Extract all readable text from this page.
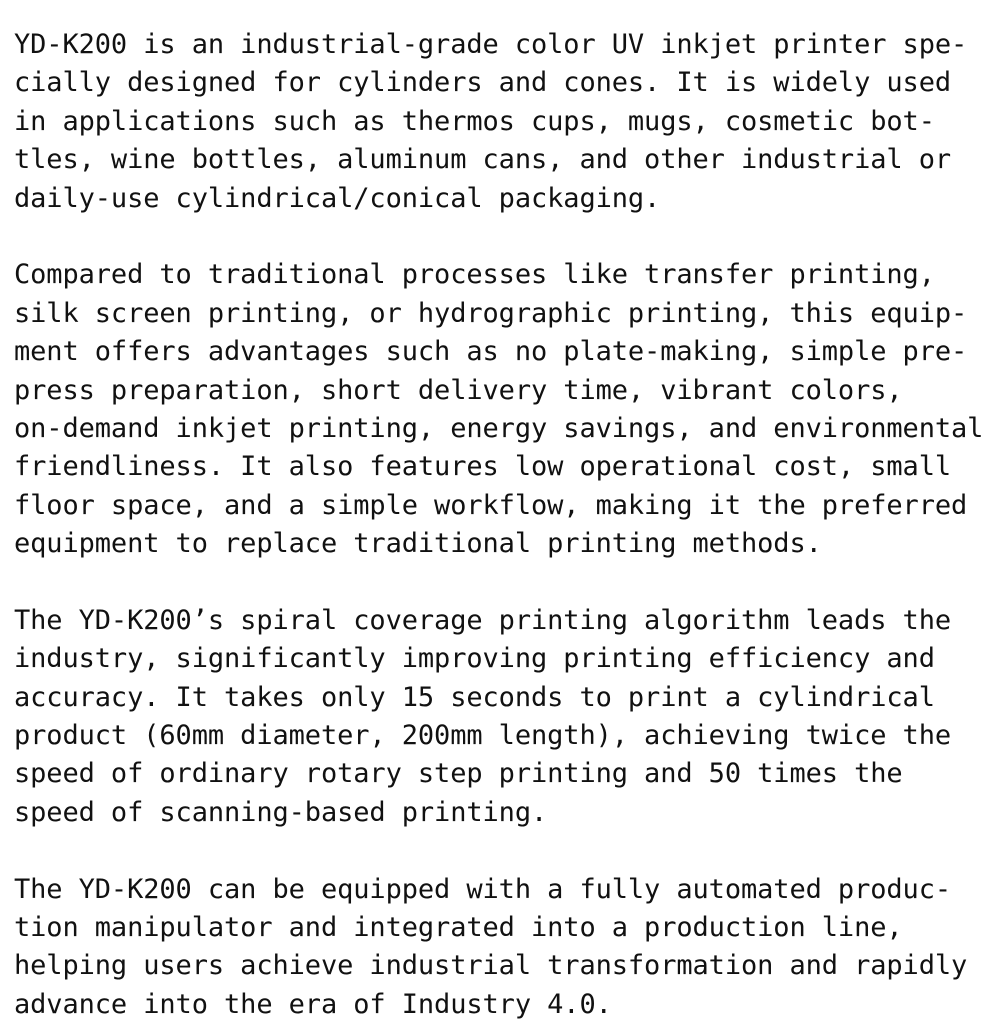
YD-K200 is an industrial-grade color UV inkjet printer spe-
cially designed for cylinders and cones. It is widely used
in applications such as thermos cups, mugs, cosmetic bot-
tles, wine bottles, aluminum cans, and other industrial or
daily-use cylindrical/conical packaging.
Compared to traditional processes like transfer printing,
silk screen printing, or hydrographic printing, this equip-
ment offers advantages such as no plate-making, simple pre-
press preparation, short delivery time, vibrant colors,
on-demand inkjet printing, energy savings, and environmental
friendliness. It also features low operational cost, small
floor space, and a simple workflow, making it the preferred
equipment to replace traditional printing methods.
The YD-K200’s spiral coverage printing algorithm leads the
industry, significantly improving printing efficiency and
accuracy. It takes only 15 seconds to print a cylindrical
product (60mm diameter, 200mm length), achieving twice the
speed of ordinary rotary step printing and 50 times the
speed of scanning-based printing.
The YD-K200 can be equipped with a fully automated produc-
tion manipulator and integrated into a production line,
helping users achieve industrial transformation and rapidly
advance into the era of Industry 4.0.
